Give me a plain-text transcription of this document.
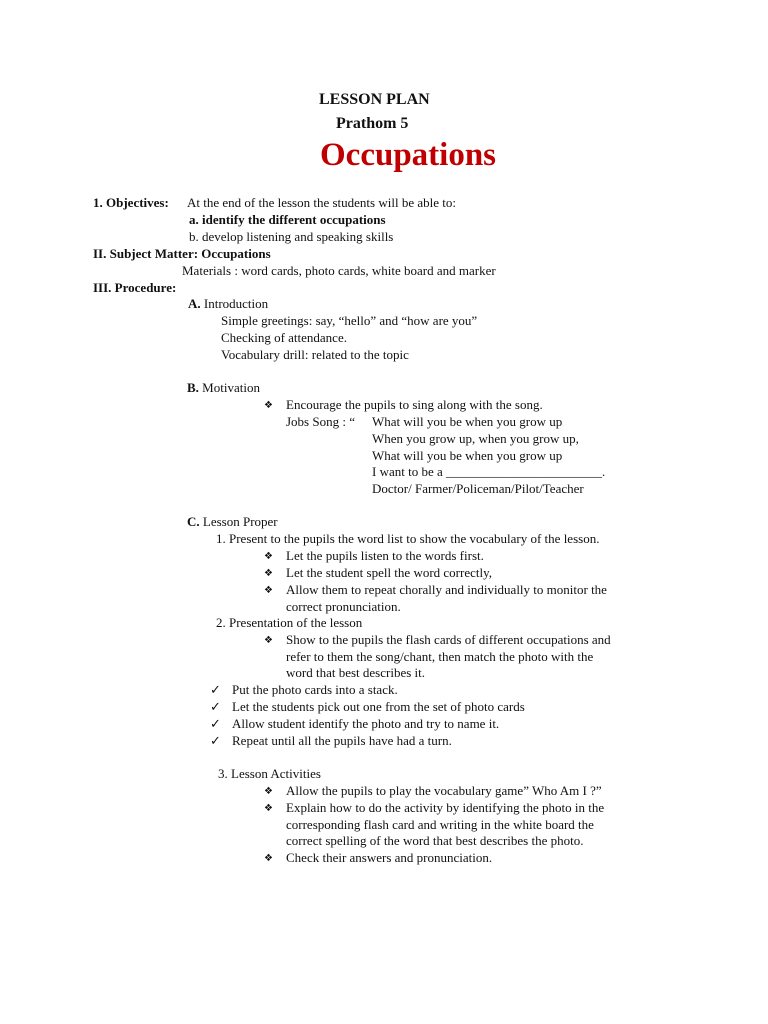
LESSON PLAN
Prathom 5
Occupations
1. Objectives: At the end of the lesson the students will be able to:
a. identify the different occupations
b. develop listening and speaking skills
II. Subject Matter: Occupations
Materials : word cards, photo cards, white board and marker
III. Procedure:
A. Introduction
Simple greetings: say, “hello” and “how are you”
Checking of attendance.
Vocabulary drill: related to the topic
B. Motivation
❖ Encourage the pupils to sing along with the song.
Jobs Song : “ What will you be when you grow up
When you grow up, when you grow up,
What will you be when you grow up
I want to be a ________________________.
Doctor/ Farmer/Policeman/Pilot/Teacher
C. Lesson Proper
1. Present to the pupils the word list to show the vocabulary of the lesson.
❖ Let the pupils listen to the words first.
❖ Let the student spell the word correctly,
❖ Allow them to repeat chorally and individually to monitor the
correct pronunciation.
2. Presentation of the lesson
❖ Show to the pupils the flash cards of different occupations and
refer to them the song/chant, then match the photo with the
word that best describes it.
✓ Put the photo cards into a stack.
✓ Let the students pick out one from the set of photo cards
✓ Allow student identify the photo and try to name it.
✓ Repeat until all the pupils have had a turn.
3. Lesson Activities
❖ Allow the pupils to play the vocabulary game” Who Am I ?”
❖ Explain how to do the activity by identifying the photo in the
corresponding flash card and writing in the white board the
correct spelling of the word that best describes the photo.
❖ Check their answers and pronunciation.
